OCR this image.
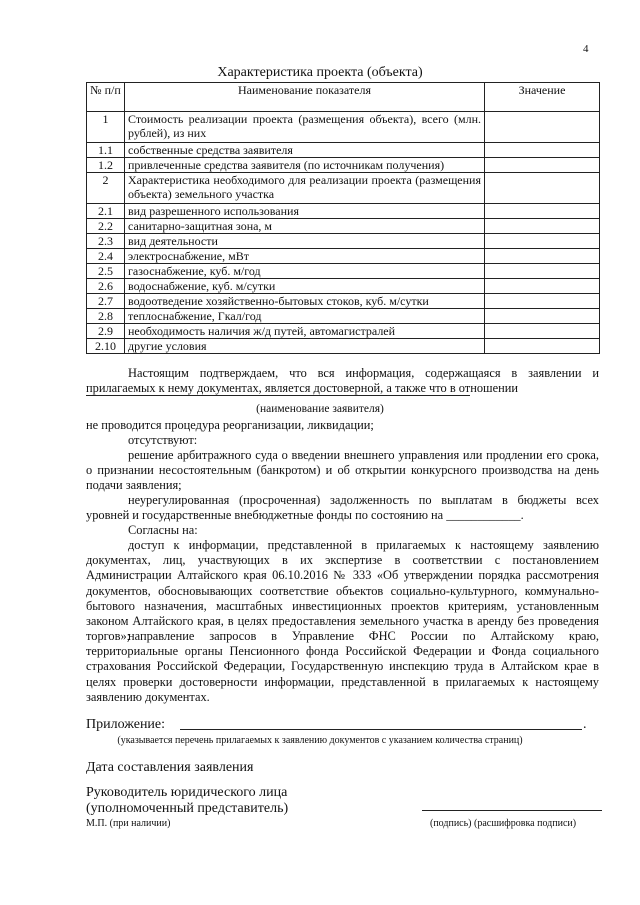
4
Характеристика проекта (объекта)
№ п/п	Наименование показателя	Значение
1	Стоимость реализации проекта (размещения объекта), всего (млн. рублей), из них	
1.1	собственные средства заявителя	
1.2	привлеченные средства заявителя (по источникам получения)	
2	Характеристика необходимого для реализации проекта (размещения объекта) земельного участка	
2.1	вид разрешенного использования	
2.2	санитарно-защитная зона, м	
2.3	вид деятельности	
2.4	электроснабжение, мВт	
2.5	газоснабжение, куб. м/год	
2.6	водоснабжение, куб. м/сутки	
2.7	водоотведение хозяйственно-бытовых стоков, куб. м/сутки	
2.8	теплоснабжение, Гкал/год	
2.9	необходимость наличия ж/д путей, автомагистралей	
2.10	другие условия	
Настоящим подтверждаем, что вся информация, содержащаяся в заявлении и прилагаемых к нему документах, является достоверной, а также что в отношении
(наименование заявителя)
не проводится процедура реорганизации, ликвидации;
отсутствуют:
решение арбитражного суда о введении внешнего управления или продлении его срока, о признании несостоятельным (банкротом) и об открытии конкурсного производства на день подачи заявления;
неурегулированная (просроченная) задолженность по выплатам в бюджеты всех уровней и государственные внебюджетные фонды по состоянию на ____________.
Согласны на:
доступ к информации, представленной в прилагаемых к настоящему заявлению документах, лиц, участвующих в их экспертизе в соответствии с постановлением Администрации Алтайского края 06.10.2016 № 333 «Об утверждении порядка рассмотрения документов, обосновывающих соответствие объектов социально-культурного, коммунально-бытового назначения, масштабных инвестиционных проектов критериям, установленным законом Алтайского края, в целях предоставления земельного участка в аренду без проведения торгов»;
направление запросов в Управление ФНС России по Алтайскому краю, территориальные органы Пенсионного фонда Российской Федерации и Фонда социального страхования Российской Федерации, Государственную инспекцию труда в Алтайском крае в целях проверки достоверности информации, представленной в прилагаемых к настоящему заявлению документах.
Приложение:	.
(указывается перечень прилагаемых к заявлению документов с указанием количества страниц)
Дата составления заявления
Руководитель юридического лица
(уполномоченный представитель)
М.П. (при наличии)	(подпись) (расшифровка подписи)
